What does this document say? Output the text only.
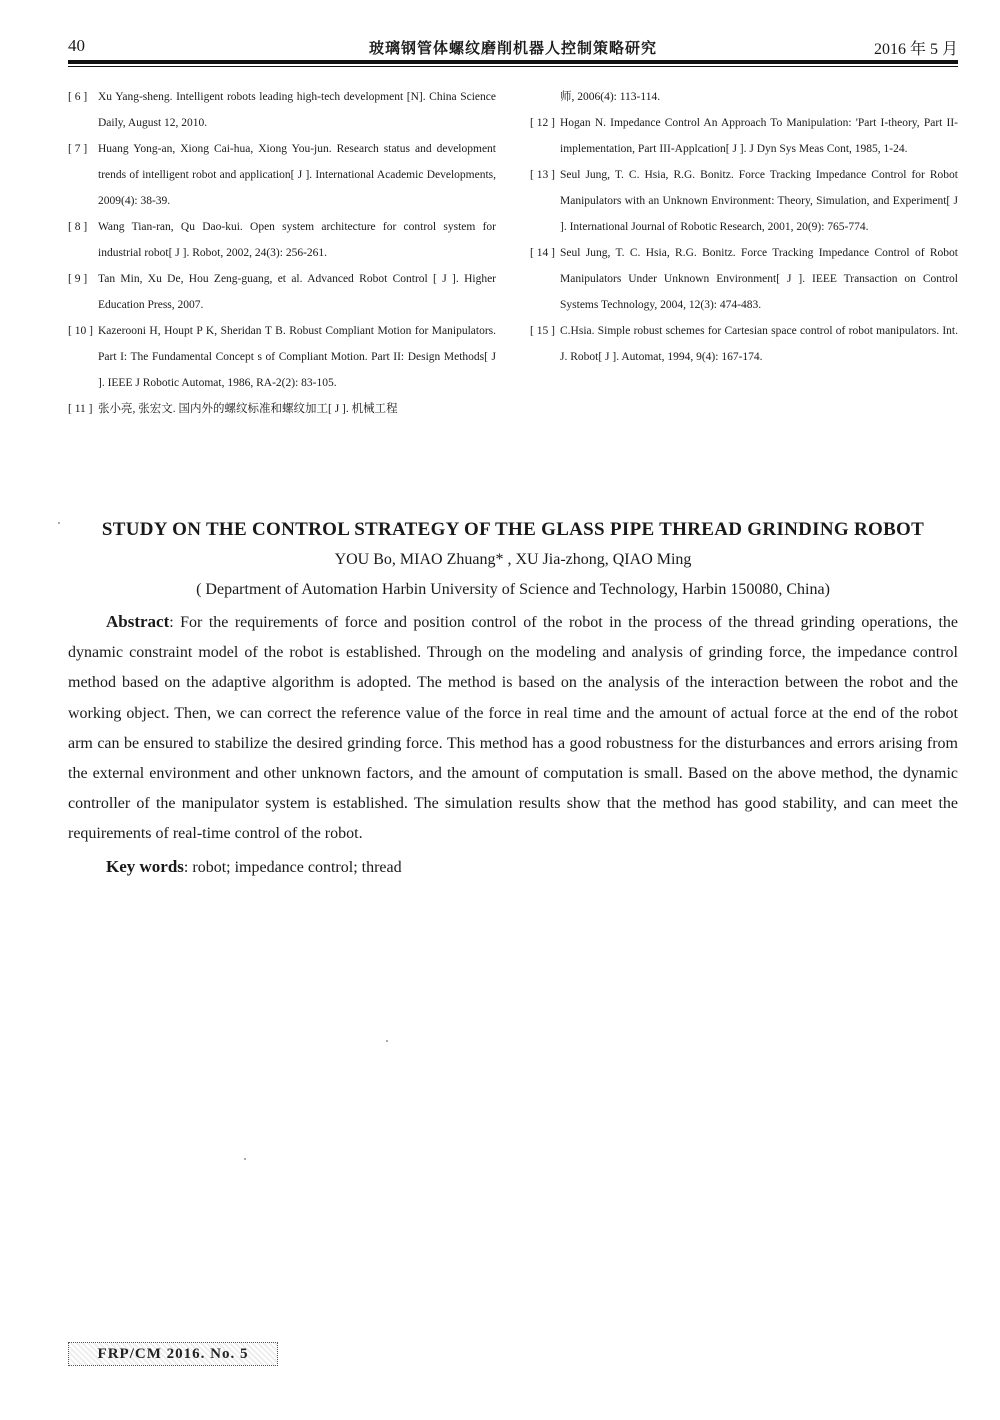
40	玻璃钢管体螺纹磨削机器人控制策略研究	2016 年 5 月
[ 6 ] Xu Yang-sheng. Intelligent robots leading high-tech development [N]. China Science Daily, August 12, 2010.
[ 7 ] Huang Yong-an, Xiong Cai-hua, Xiong You-jun. Research status and development trends of intelligent robot and application[ J ]. International Academic Developments, 2009(4): 38-39.
[ 8 ] Wang Tian-ran, Qu Dao-kui. Open system architecture for control system for industrial robot[ J ]. Robot, 2002, 24(3): 256-261.
[ 9 ] Tan Min, Xu De, Hou Zeng-guang, et al. Advanced Robot Control [ J ]. Higher Education Press, 2007.
[ 10 ] Kazerooni H, Houpt P K, Sheridan T B. Robust Compliant Motion for Manipulators. Part I: The Fundamental Concept s of Compliant Motion. Part II: Design Methods[ J ]. IEEE J Robotic Automat, 1986, RA-2(2): 83-105.
[ 11 ] 张小亮, 张宏文. 国内外的螺纹标准和螺纹加工[ J ]. 机械工程
师, 2006(4): 113-114.
[ 12 ] Hogan N. Impedance Control An Approach To Manipulation: 'Part I-theory, Part II-implementation, Part III-Applcation[ J ]. J Dyn Sys Meas Cont, 1985, 1-24.
[ 13 ] Seul Jung, T. C. Hsia, R.G. Bonitz. Force Tracking Impedance Control for Robot Manipulators with an Unknown Environment: Theory, Simulation, and Experiment[ J ]. International Journal of Robotic Research, 2001, 20(9): 765-774.
[ 14 ] Seul Jung, T. C. Hsia, R.G. Bonitz. Force Tracking Impedance Control of Robot Manipulators Under Unknown Environment[ J ]. IEEE Transaction on Control Systems Technology, 2004, 12(3): 474-483.
[ 15 ] C.Hsia. Simple robust schemes for Cartesian space control of robot manipulators. Int. J. Robot[ J ]. Automat, 1994, 9(4): 167-174.
STUDY ON THE CONTROL STRATEGY OF THE GLASS PIPE THREAD GRINDING ROBOT
YOU Bo, MIAO Zhuang* , XU Jia-zhong, QIAO Ming
( Department of Automation Harbin University of Science and Technology, Harbin 150080, China)
Abstract: For the requirements of force and position control of the robot in the process of the thread grinding operations, the dynamic constraint model of the robot is established. Through on the modeling and analysis of grinding force, the impedance control method based on the adaptive algorithm is adopted. The method is based on the analysis of the interaction between the robot and the working object. Then, we can correct the reference value of the force in real time and the amount of actual force at the end of the robot arm can be ensured to stabilize the desired grinding force. This method has a good robustness for the disturbances and errors arising from the external environment and other unknown factors, and the amount of computation is small. Based on the above method, the dynamic controller of the manipulator system is established. The simulation results show that the method has good stability, and can meet the requirements of real-time control of the robot.
Key words: robot; impedance control; thread
FRP/CM 2016. No. 5
